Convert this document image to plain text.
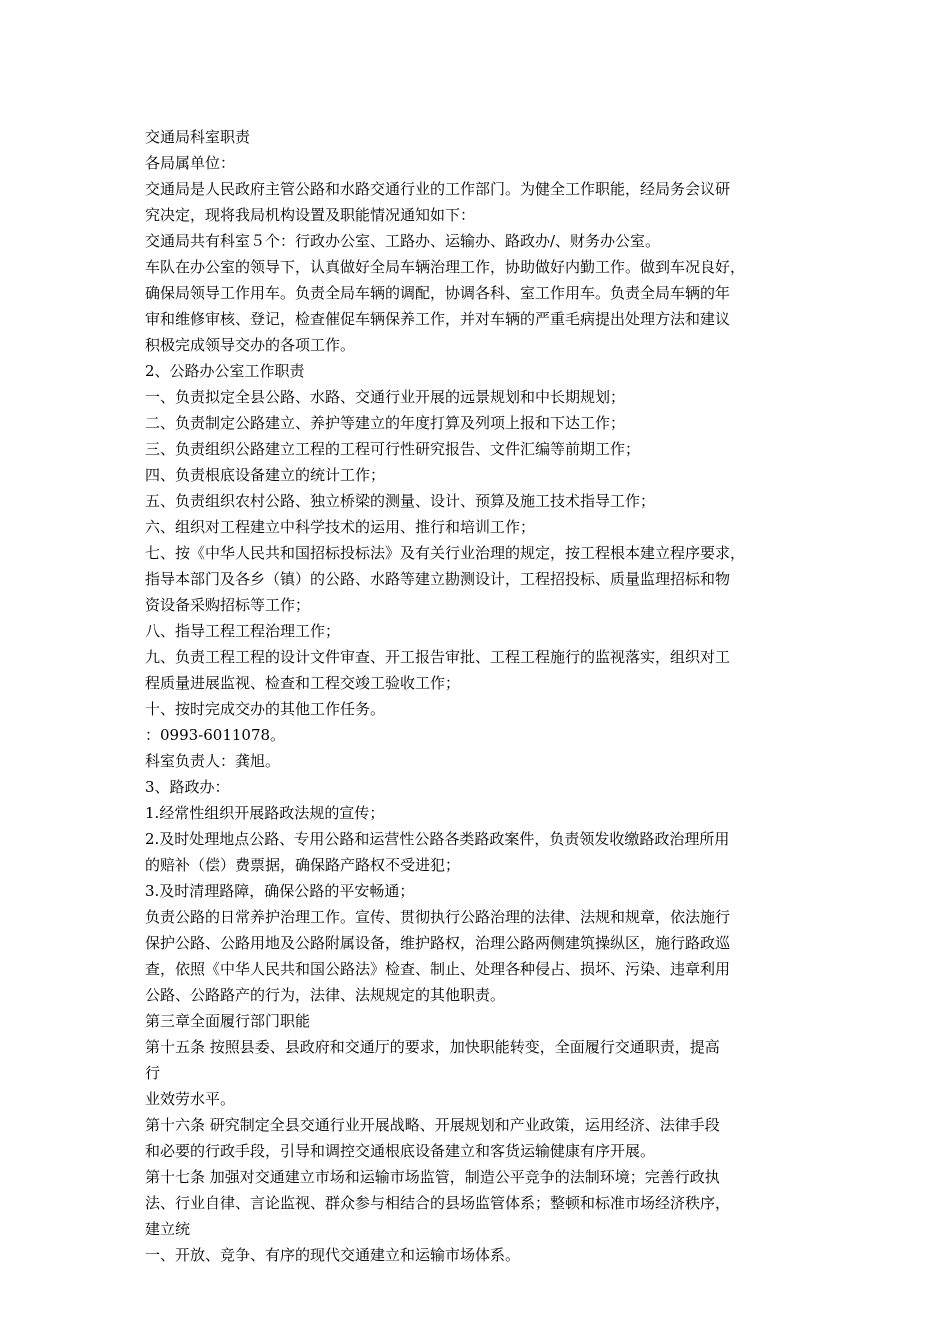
交通局科室职责
各局属单位：
交通局是人民政府主管公路和水路交通行业的工作部门。为健全工作职能，经局务会议研
究决定，现将我局机构设置及职能情况通知如下：
交通局共有科室５个：行政办公室、工路办、运输办、路政办/、财务办公室。
车队在办公室的领导下，认真做好全局车辆治理工作，协助做好内勤工作。做到车况良好，
确保局领导工作用车。负责全局车辆的调配，协调各科、室工作用车。负责全局车辆的年
审和维修审核、登记，检查催促车辆保养工作，并对车辆的严重毛病提出处理方法和建议
积极完成领导交办的各项工作。
2、公路办公室工作职责
一、负责拟定全县公路、水路、交通行业开展的远景规划和中长期规划；
二、负责制定公路建立、养护等建立的年度打算及列项上报和下达工作；
三、负责组织公路建立工程的工程可行性研究报告、文件汇编等前期工作；
四、负责根底设备建立的统计工作；
五、负责组织农村公路、独立桥梁的测量、设计、预算及施工技术指导工作；
六、组织对工程建立中科学技术的运用、推行和培训工作；
七、按《中华人民共和国招标投标法》及有关行业治理的规定，按工程根本建立程序要求，
指导本部门及各乡（镇）的公路、水路等建立勘测设计，工程招投标、质量监理招标和物
资设备采购招标等工作；
八、指导工程工程治理工作；
九、负责工程工程的设计文件审查、开工报告审批、工程工程施行的监视落实，组织对工
程质量进展监视、检查和工程交竣工验收工作；
十、按时完成交办的其他工作任务。
：0993-6011078。
科室负责人：龚旭。
3、路政办：
1.经常性组织开展路政法规的宣传；
2.及时处理地点公路、专用公路和运营性公路各类路政案件，负责领发收缴路政治理所用
的赔补（偿）费票据，确保路产路权不受进犯；
3.及时清理路障，确保公路的平安畅通；
负责公路的日常养护治理工作。宣传、贯彻执行公路治理的法律、法规和规章，依法施行
保护公路、公路用地及公路附属设备，维护路权，治理公路两侧建筑操纵区，施行路政巡
查，依照《中华人民共和国公路法》检查、制止、处理各种侵占、损坏、污染、违章利用
公路、公路路产的行为，法律、法规规定的其他职责。
第三章全面履行部门职能
第十五条 按照县委、县政府和交通厅的要求，加快职能转变，全面履行交通职责，提高
行
业效劳水平。
第十六条 研究制定全县交通行业开展战略、开展规划和产业政策，运用经济、法律手段
和必要的行政手段，引导和调控交通根底设备建立和客货运输健康有序开展。
第十七条 加强对交通建立市场和运输市场监管，制造公平竞争的法制环境；完善行政执
法、行业自律、言论监视、群众参与相结合的县场监管体系；整顿和标准市场经济秩序，
建立统
一、开放、竞争、有序的现代交通建立和运输市场体系。
